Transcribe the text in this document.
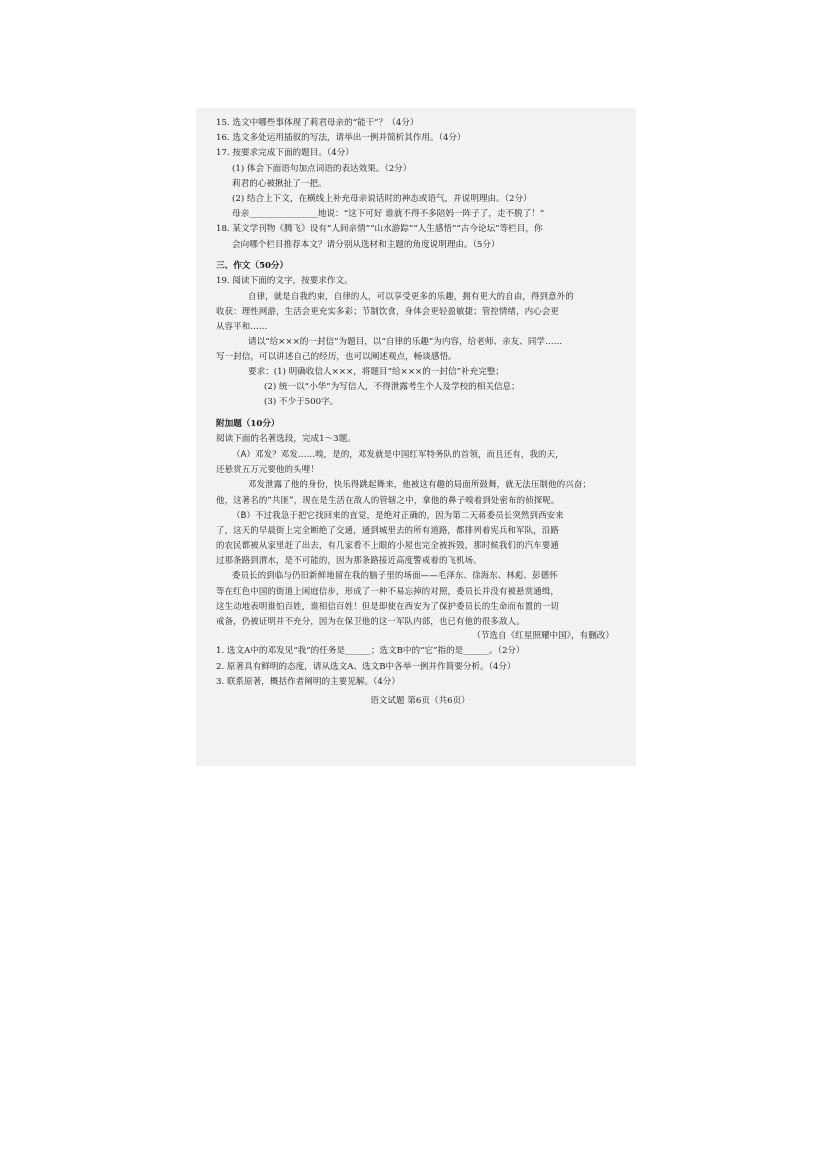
15. 选文中哪些事体现了莉君母亲的“能干”？（4分）
16. 选文多处运用插叙的写法，请举出一例并简析其作用。（4分）
17. 按要求完成下面的题目。（4分）
(1) 体会下面语句加点词语的表达效果。（2分）
莉君的心被揪扯了一把。
(2) 结合上下文，在横线上补充母亲说话时的神态或语气，并说明理由。（2分）
母亲________________地说：“这下可好 谁就不得不多陪妈一阵子了，走不脱了！”
18. 某文学刊物《腾飞》设有“人间亲情”“山水游踪”“人生感悟”“古今论坛”等栏目，你
会向哪个栏目推荐本文？请分别从选材和主题的角度说明理由。（5分）
三、作文（50分）
19. 阅读下面的文字，按要求作文。
自律，就是自我约束，自律的人，可以享受更多的乐趣，拥有更大的自由，得到意外的
收获：理性网游，生活会更充实多彩；节制饮食，身体会更轻盈敏捷；管控情绪，内心会更
从容平和……
请以“给×××的一封信”为题目，以“自律的乐趣”为内容，给老师、亲友、同学……
写一封信，可以讲述自己的经历，也可以阐述观点，畅谈感悟。
要求：(1) 明确收信人×××，将题目“给×××的一封信”补充完整；
(2) 统一以“小华”为写信人，不得泄露考生个人及学校的相关信息；
(3) 不少于500字。
附加题（10分）
阅读下面的名著选段，完成1～3题。
（A）邓发？邓发……嗅，是的，邓发就是中国红军特务队的首领，而且还有，我的天，
还悬赏五万元要他的头哩！
邓发泄露了他的身份，快乐得跳起舞来，他被这有趣的局面所鼓舞，就无法压制他的兴奋；
他，这著名的“共匪”，现在是生活在敌人的管辖之中，拿他的鼻子嗅着到处密布的侦探呢。
（B）不过我急于把它找回来的直觉，是绝对正确的，因为第二天蒋委员长突然到西安来
了，这天的早晨街上完全断绝了交通，通到城里去的所有道路，都排列着宪兵和军队，沿路
的农民都被从家里赶了出去，有几家看不上眼的小屋也完全被拆毁，那时候我们的汽车要通
过那条路到渭水，是不可能的，因为那条路接近高度警戒着的飞机场。
委员长的到临与仍旧新鲜地留在我的脑子里的场面——毛泽东、徐海东、林彪、彭德怀
等在红色中国的街道上闲庭信步，形成了一种不易忘掉的对照，委员长并没有被悬赏通缉，
这生动地表明谁怕百姓，谁相信百姓！但是即使在西安为了保护委员长的生命而布置的一切
戒备，仍被证明并不充分，因为在保卫他的这一军队内部，也已有他的很多敌人。
（节选自《红星照耀中国》，有删改）
1. 选文A中的邓发见“我”的任务是______；选文B中的“它”指的是______。（2分）
2. 原著具有鲜明的态度，请从选文A、选文B中各举一例并作简要分析。（4分）
3. 联系原著，概括作者阐明的主要见解。（4分）
语文试题 第6页（共6页）
